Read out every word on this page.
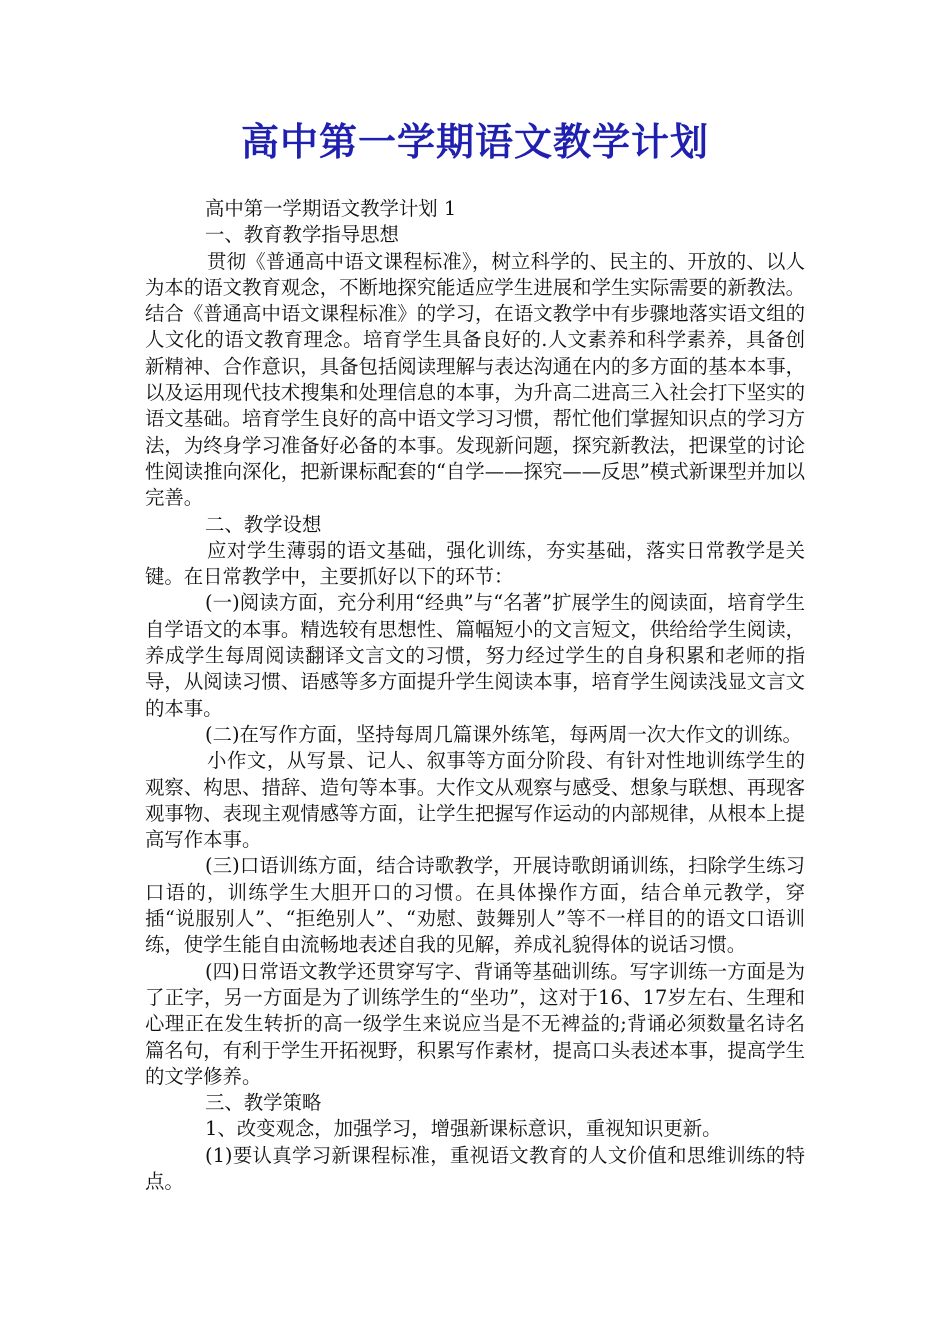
高中第一学期语文教学计划

高中第一学期语文教学计划 1

一、教育教学指导思想

贯彻《普通高中语文课程标准》，树立科学的、民主的、开放的、以人为本的语文教育观念，不断地探究能适应学生进展和学生实际需要的新教法。结合《普通高中语文课程标准》的学习，在语文教学中有步骤地落实语文组的人文化的语文教育理念。培育学生具备良好的.人文素养和科学素养，具备创新精神、合作意识，具备包括阅读理解与表达沟通在内的多方面的基本本事，以及运用现代技术搜集和处理信息的本事，为升高二进高三入社会打下坚实的语文基础。培育学生良好的高中语文学习习惯，帮忙他们掌握知识点的学习方法，为终身学习准备好必备的本事。发现新问题，探究新教法，把课堂的讨论性阅读推向深化，把新课标配套的“自学——探究——反思”模式新课型并加以完善。

二、教学设想

应对学生薄弱的语文基础，强化训练，夯实基础，落实日常教学是关键。在日常教学中，主要抓好以下的环节：

(一)阅读方面，充分利用“经典”与“名著”扩展学生的阅读面，培育学生自学语文的本事。精选较有思想性、篇幅短小的文言短文，供给给学生阅读，养成学生每周阅读翻译文言文的习惯，努力经过学生的自身积累和老师的指导，从阅读习惯、语感等多方面提升学生阅读本事，培育学生阅读浅显文言文的本事。

(二)在写作方面，坚持每周几篇课外练笔，每两周一次大作文的训练。

小作文，从写景、记人、叙事等方面分阶段、有针对性地训练学生的观察、构思、措辞、造句等本事。大作文从观察与感受、想象与联想、再现客观事物、表现主观情感等方面，让学生把握写作运动的内部规律，从根本上提高写作本事。

(三)口语训练方面，结合诗歌教学，开展诗歌朗诵训练，扫除学生练习口语的，训练学生大胆开口的习惯。在具体操作方面，结合单元教学，穿插“说服别人”、“拒绝别人”、“劝慰、鼓舞别人”等不一样目的的语文口语训练，使学生能自由流畅地表述自我的见解，养成礼貌得体的说话习惯。

(四)日常语文教学还贯穿写字、背诵等基础训练。写字训练一方面是为了正字，另一方面是为了训练学生的“坐功”，这对于16、17岁左右、生理和心理正在发生转折的高一级学生来说应当是不无裨益的;背诵必须数量名诗名篇名句，有利于学生开拓视野，积累写作素材，提高口头表述本事，提高学生的文学修养。

三、教学策略

1、改变观念，加强学习，增强新课标意识，重视知识更新。

(1)要认真学习新课程标准，重视语文教育的人文价值和思维训练的特点。
